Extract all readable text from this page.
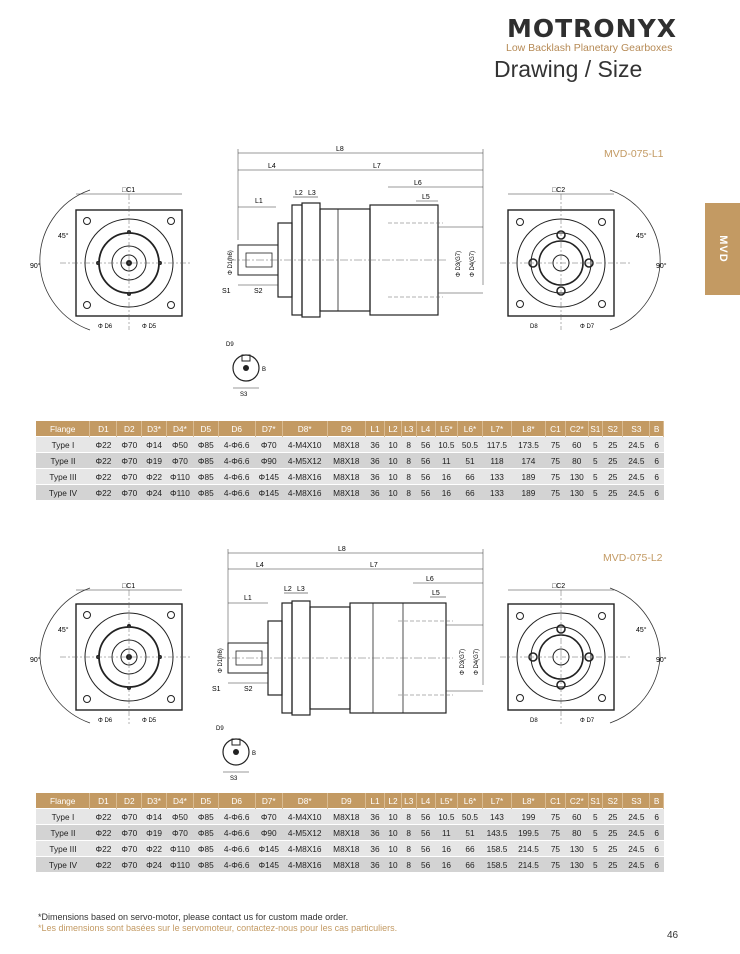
MOTRONYX
Low Backlash Planetary Gearboxes
Drawing / Size
MVD
MVD-075-L1
□C1
45°
90°
Φ D6	Φ D5
L8
L4	L7
L1
L2 L3
L6
L5
S1	S2
Φ D1(h6)	Φ D3(G7) Φ D4(G7)
□C2
45°
90°
D8	Φ D7
D9
B
S3
Flange	D1	D2	D3*	D4*	D5	D6	D7*	D8*	D9	L1	L2	L3	L4	L5*	L6*	L7*	L8*	C1	C2*	S1	S2	S3	B
Type I	Φ22	Φ70	Φ14	Φ50	Φ85	4-Φ6.6	Φ70	4-M4X10	M8X18	36	10	8	56	10.5	50.5	117.5	173.5	75	60	5	25	24.5	6
Type II	Φ22	Φ70	Φ19	Φ70	Φ85	4-Φ6.6	Φ90	4-M5X12	M8X18	36	10	8	56	11	51	118	174	75	80	5	25	24.5	6
Type III	Φ22	Φ70	Φ22	Φ110	Φ85	4-Φ6.6	Φ145	4-M8X16	M8X18	36	10	8	56	16	66	133	189	75	130	5	25	24.5	6
Type IV	Φ22	Φ70	Φ24	Φ110	Φ85	4-Φ6.6	Φ145	4-M8X16	M8X18	36	10	8	56	16	66	133	189	75	130	5	25	24.5	6
MVD-075-L2
□C1
45°
90°
Φ D6	Φ D5
L8
L4	L7
L1
L2 L3
L6
L5
S1	S2
Φ D1(h6)	Φ D3(G7) Φ D4(G7)
□C2
45°
90°
D8	Φ D7
D9
B
S3
Flange	D1	D2	D3*	D4*	D5	D6	D7*	D8*	D9	L1	L2	L3	L4	L5*	L6*	L7*	L8*	C1	C2*	S1	S2	S3	B
Type I	Φ22	Φ70	Φ14	Φ50	Φ85	4-Φ6.6	Φ70	4-M4X10	M8X18	36	10	8	56	10.5	50.5	143	199	75	60	5	25	24.5	6
Type II	Φ22	Φ70	Φ19	Φ70	Φ85	4-Φ6.6	Φ90	4-M5X12	M8X18	36	10	8	56	11	51	143.5	199.5	75	80	5	25	24.5	6
Type III	Φ22	Φ70	Φ22	Φ110	Φ85	4-Φ6.6	Φ145	4-M8X16	M8X18	36	10	8	56	16	66	158.5	214.5	75	130	5	25	24.5	6
Type IV	Φ22	Φ70	Φ24	Φ110	Φ85	4-Φ6.6	Φ145	4-M8X16	M8X18	36	10	8	56	16	66	158.5	214.5	75	130	5	25	24.5	6
*Dimensions based on servo-motor, please contact us for custom made order.
*Les dimensions sont basées sur le servomoteur, contactez-nous pour les cas particuliers.
46
